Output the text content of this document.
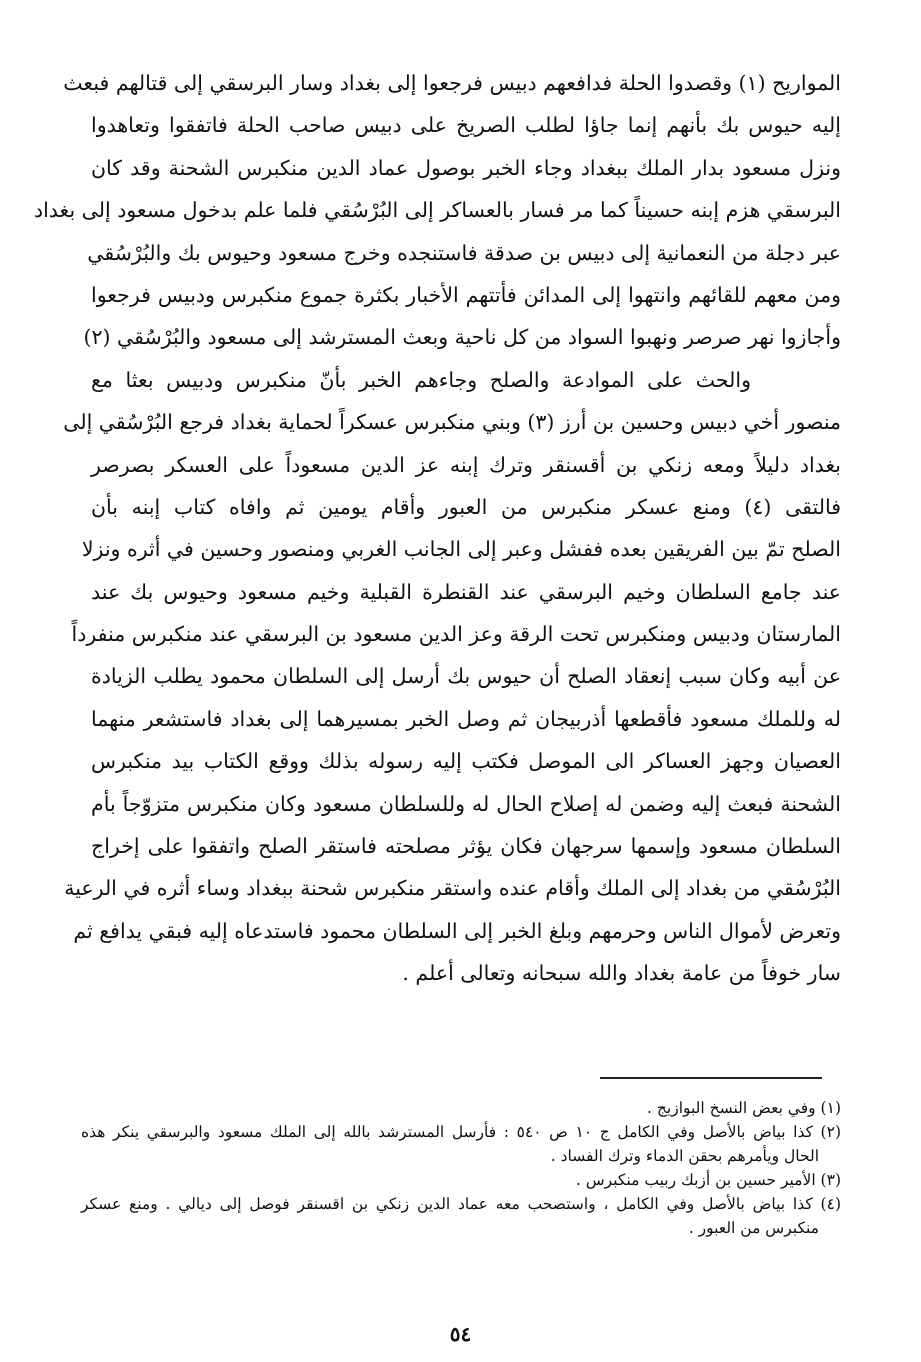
المواريح (١) وقصدوا الحلة فدافعهم دبيس فرجعوا إلى بغداد وسار البرسقي إلى قتالهم فبعث
إليه حيوس بك بأنهم إنما جاؤا لطلب الصريخ على دبيس صاحب الحلة فاتفقوا وتعاهدوا
ونزل مسعود بدار الملك ببغداد وجاء الخبر بوصول عماد الدين منكبرس الشحنة وقد كان
البرسقي هزم إبنه حسيناً كما مر فسار بالعساكر إلى البُرْسُقي فلما علم بدخول مسعود إلى بغداد
عبر دجلة من النعمانية إلى دبيس بن صدقة فاستنجده وخرج مسعود وحيوس بك والبُرْسُقي
ومن معهم للقائهم وانتهوا إلى المدائن فأتتهم الأخبار بكثرة جموع منكبرس ودبيس فرجعوا
وأجازوا نهر صرصر ونهبوا السواد من كل ناحية وبعث المسترشد إلى مسعود والبُرْسُقي (٢)
والحث على الموادعة والصلح وجاءهم الخبر بأنّ منكبرس ودبيس بعثا مع
منصور أخي دبيس وحسين بن أرز (٣) وبني منكبرس عسكراً لحماية بغداد فرجع البُرْسُقي إلى
بغداد دليلاً ومعه زنكي بن أقسنقر وترك إبنه عز الدين مسعوداً على العسكر بصرصر
فالتقى (٤) ومنع عسكر منكبرس من العبور وأقام يومين ثم وافاه كتاب إبنه بأن
الصلح تمّ بين الفريقين بعده ففشل وعبر إلى الجانب الغربي ومنصور وحسين في أثره ونزلا
عند جامع السلطان وخيم البرسقي عند القنطرة القبلية وخيم مسعود وحيوس بك عند
المارستان ودبيس ومنكبرس تحت الرقة وعز الدين مسعود بن البرسقي عند منكبرس منفرداً
عن أبيه وكان سبب إنعقاد الصلح أن حيوس بك أرسل إلى السلطان محمود يطلب الزيادة
له وللملك مسعود فأقطعها أذربيجان ثم وصل الخبر بمسيرهما إلى بغداد فاستشعر منهما
العصيان وجهز العساكر الى الموصل فكتب إليه رسوله بذلك ووقع الكتاب بيد منكبرس
الشحنة فبعث إليه وضمن له إصلاح الحال له وللسلطان مسعود وكان منكبرس متزوّجاً بأم
السلطان مسعود وإسمها سرجهان فكان يؤثر مصلحته فاستقر الصلح واتفقوا على إخراج
البُرْسُقي من بغداد إلى الملك وأقام عنده واستقر منكبرس شحنة ببغداد وساء أثره في الرعية
وتعرض لأموال الناس وحرمهم وبلغ الخبر إلى السلطان محمود فاستدعاه إليه فبقي يدافع ثم
سار خوفاً من عامة بغداد والله سبحانه وتعالى أعلم .
(١) وفي بعض النسخ البوازيج .
(٢) كذا بياض بالأصل وفي الكامل ج ١٠ ص ٥٤٠ : فأرسل المسترشد بالله إلى الملك مسعود والبرسقي ينكر هذه
الحال ويأمرهم بحقن الدماء وترك الفساد .
(٣) الأمير حسين بن أزبك ربيب منكبرس .
(٤) كذا بياض بالأصل وفي الكامل ، واستصحب معه عماد الدين زنكي بن اقسنقر فوصل إلى ديالي . ومنع عسكر
منكبرس من العبور .
٥٤
